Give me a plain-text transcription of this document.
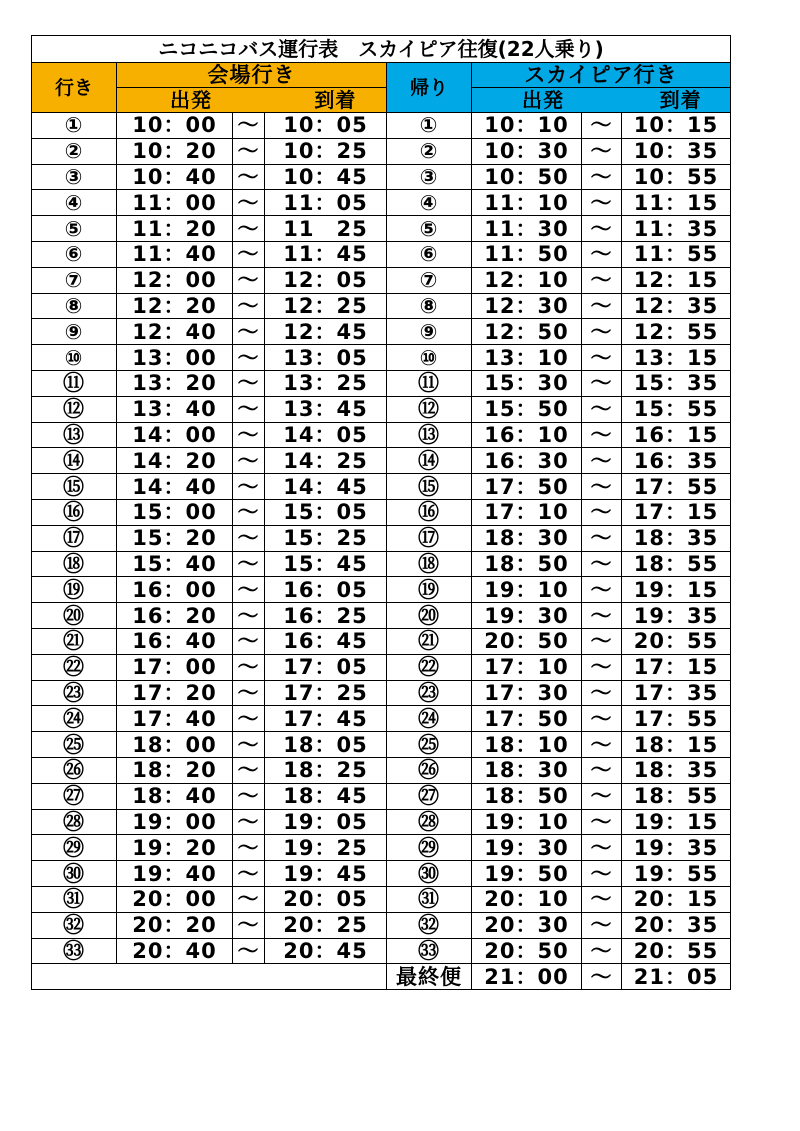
ニコニコバス運行表　スカイピア往復(22人乗り)							
行き	会場行き			帰り	スカイピア行き		
	出発 到着				出発 到着		
①	10：00	～	10：05	①	10：10	～	10：15
②	10：20	～	10：25	②	10：30	～	10：35
③	10：40	～	10：45	③	10：50	～	10：55
④	11：00	～	11：05	④	11：10	～	11：15
⑤	11：20	～	11　25	⑤	11：30	～	11：35
⑥	11：40	～	11：45	⑥	11：50	～	11：55
⑦	12：00	～	12：05	⑦	12：10	～	12：15
⑧	12：20	～	12：25	⑧	12：30	～	12：35
⑨	12：40	～	12：45	⑨	12：50	～	12：55
⑩	13：00	～	13：05	⑩	13：10	～	13：15
⑪	13：20	～	13：25	⑪	15：30	～	15：35
⑫	13：40	～	13：45	⑫	15：50	～	15：55
⑬	14：00	～	14：05	⑬	16：10	～	16：15
⑭	14：20	～	14：25	⑭	16：30	～	16：35
⑮	14：40	～	14：45	⑮	17：50	～	17：55
⑯	15：00	～	15：05	⑯	17：10	～	17：15
⑰	15：20	～	15：25	⑰	18：30	～	18：35
⑱	15：40	～	15：45	⑱	18：50	～	18：55
⑲	16：00	～	16：05	⑲	19：10	～	19：15
⑳	16：20	～	16：25	⑳	19：30	～	19：35
㉑	16：40	～	16：45	㉑	20：50	～	20：55
㉒	17：00	～	17：05	㉒	17：10	～	17：15
㉓	17：20	～	17：25	㉓	17：30	～	17：35
㉔	17：40	～	17：45	㉔	17：50	～	17：55
㉕	18：00	～	18：05	㉕	18：10	～	18：15
㉖	18：20	～	18：25	㉖	18：30	～	18：35
㉗	18：40	～	18：45	㉗	18：50	～	18：55
㉘	19：00	～	19：05	㉘	19：10	～	19：15
㉙	19：20	～	19：25	㉙	19：30	～	19：35
㉚	19：40	～	19：45	㉚	19：50	～	19：55
㉛	20：00	～	20：05	㉛	20：10	～	20：15
㉜	20：20	～	20：25	㉜	20：30	～	20：35
㉝	20：40	～	20：45	㉝	20：50	～	20：55
				最終便	21：00	～	21：05
